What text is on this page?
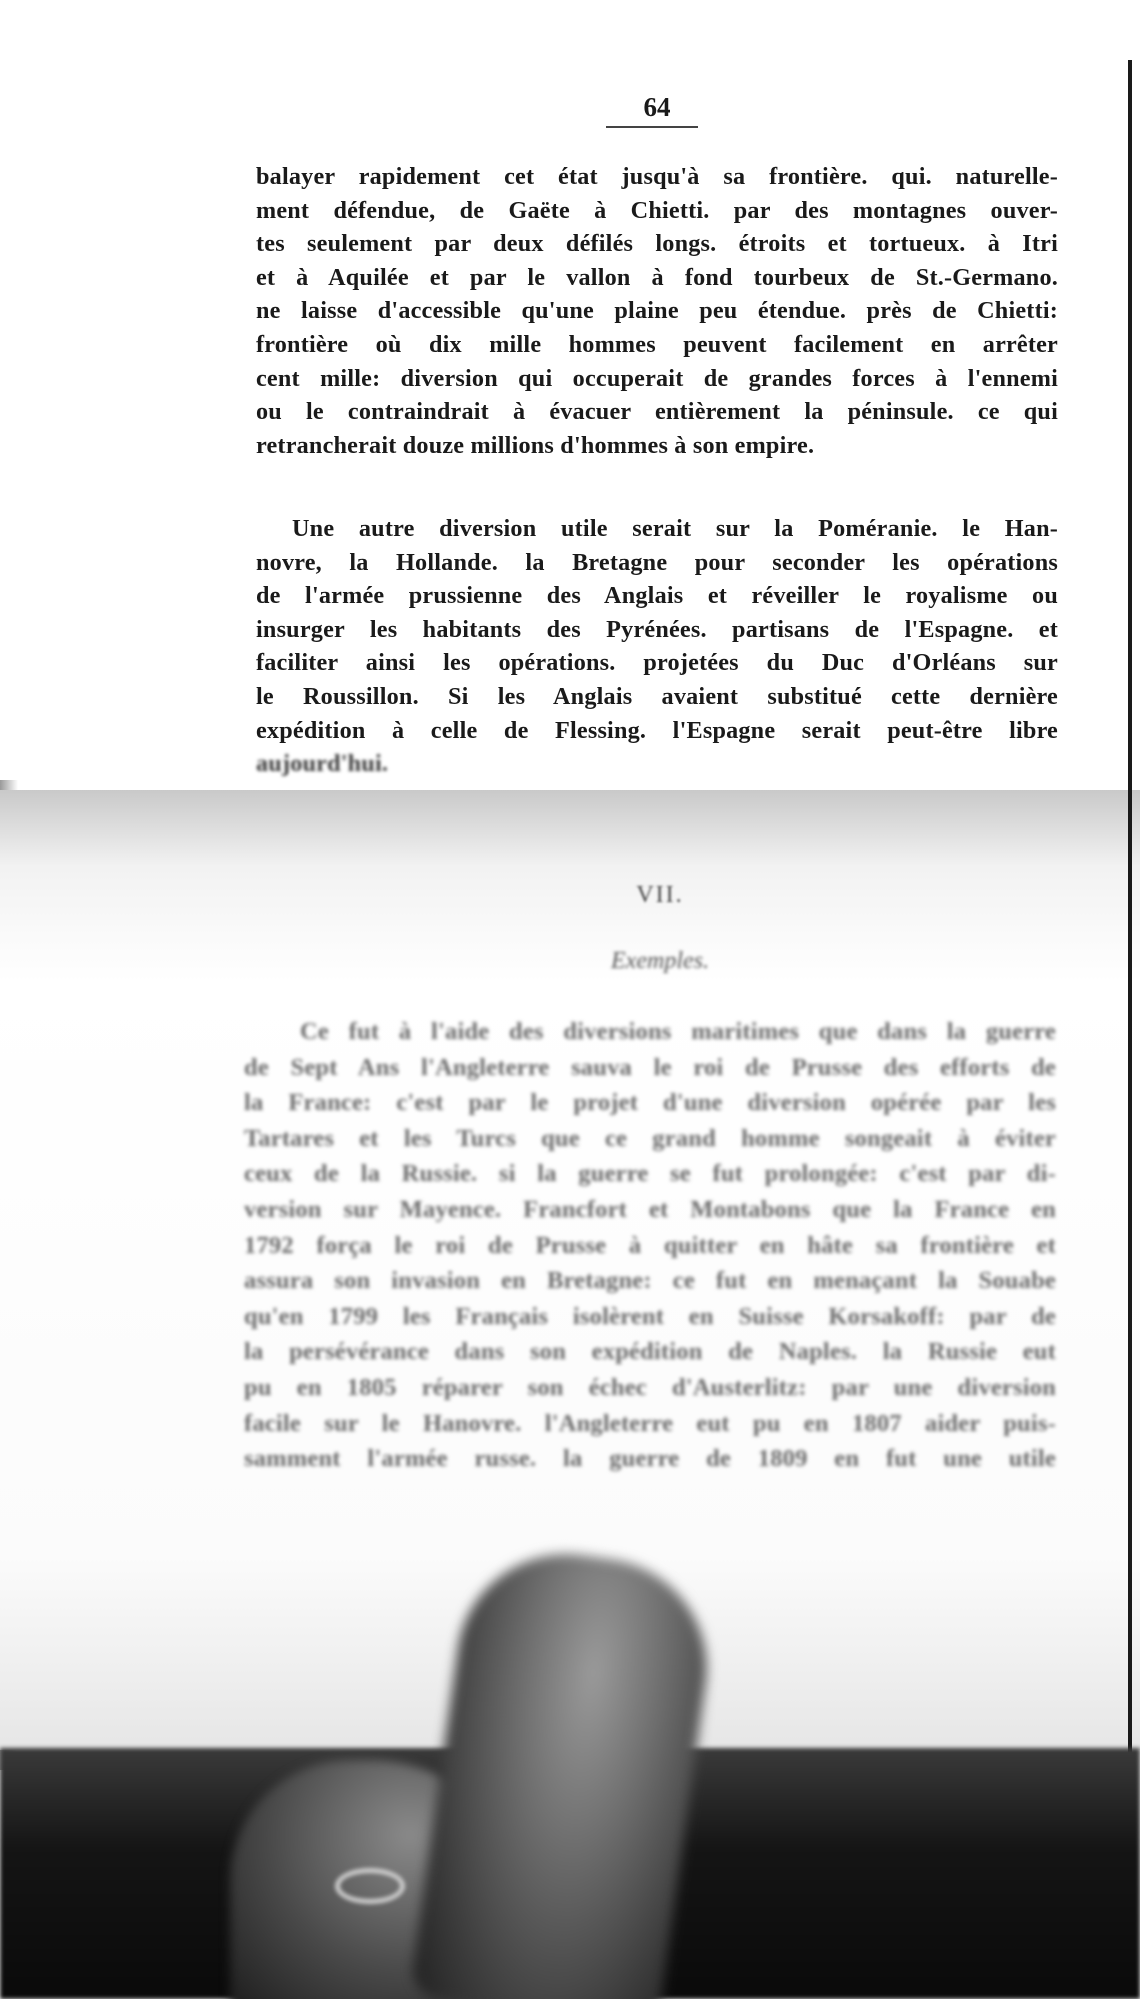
64
balayer rapidement cet état jusqu'à sa frontière. qui. naturelle-
ment défendue, de Gaëte à Chietti. par des montagnes ouver-
tes seulement par deux défilés longs. étroits et tortueux. à Itri
et à Aquilée et par le vallon à fond tourbeux de St.-Germano.
ne laisse d'accessible qu'une plaine peu étendue. près de Chietti:
frontière où dix mille hommes peuvent facilement en arrêter
cent mille: diversion qui occuperait de grandes forces à l'ennemi
ou le contraindrait à évacuer entièrement la péninsule. ce qui
retrancherait douze millions d'hommes à son empire.
Une autre diversion utile serait sur la Poméranie. le Han-
novre, la Hollande. la Bretagne pour seconder les opérations
de l'armée prussienne des Anglais et réveiller le royalisme ou
insurger les habitants des Pyrénées. partisans de l'Espagne. et
faciliter ainsi les opérations. projetées du Duc d'Orléans sur
le Roussillon. Si les Anglais avaient substitué cette dernière
expédition à celle de Flessing. l'Espagne serait peut-être libre
aujourd'hui.
VII.
Exemples.
Ce fut à l'aide des diversions maritimes que dans la guerre
de Sept Ans l'Angleterre sauva le roi de Prusse des efforts de
la France: c'est par le projet d'une diversion opérée par les
Tartares et les Turcs que ce grand homme songeait à éviter
ceux de la Russie. si la guerre se fut prolongée: c'est par di-
version sur Mayence. Francfort et Montabons que la France en
1792 força le roi de Prusse à quitter en hâte sa frontière et
assura son invasion en Bretagne: ce fut en menaçant la Souabe
qu'en 1799 les Français isolèrent en Suisse Korsakoff: par de
la persévérance dans son expédition de Naples. la Russie eut
pu en 1805 réparer son échec d'Austerlitz: par une diversion
facile sur le Hanovre. l'Angleterre eut pu en 1807 aider puis-
samment l'armée russe. la guerre de 1809 en fut une utile
